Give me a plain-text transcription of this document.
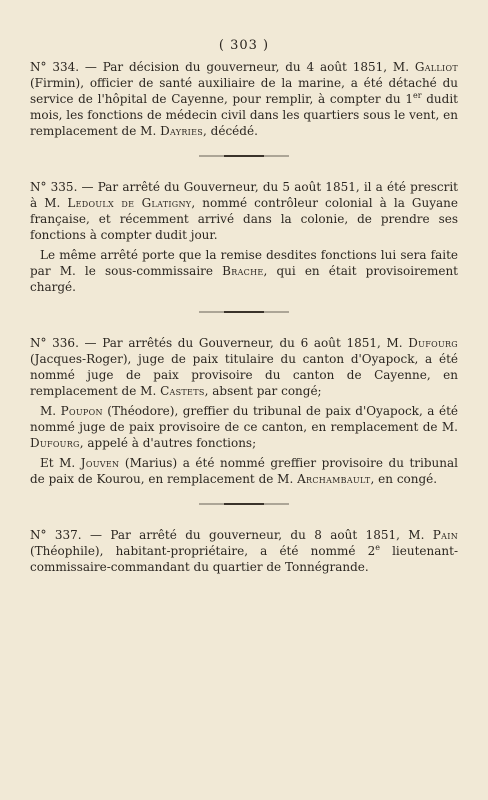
( 303 )

N° 334. — Par décision du gouverneur, du 4 août 1851, M. Galliot (Firmin), officier de santé auxiliaire de la marine, a été détaché du service de l'hôpital de Cayenne, pour remplir, à compter du 1er dudit mois, les fonctions de médecin civil dans les quartiers sous le vent, en remplacement de M. Dayries, décédé.

N° 335. — Par arrêté du Gouverneur, du 5 août 1851, il a été prescrit à M. Ledoulx de Glatigny, nommé contrôleur colonial à la Guyane française, et récemment arrivé dans la colonie, de prendre ses fonctions à compter dudit jour.

Le même arrêté porte que la remise desdites fonctions lui sera faite par M. le sous-commissaire Brache, qui en était provisoirement chargé.

N° 336. — Par arrêtés du Gouverneur, du 6 août 1851, M. Dufourg (Jacques-Roger), juge de paix titulaire du canton d'Oyapock, a été nommé juge de paix provisoire du canton de Cayenne, en remplacement de M. Castets, absent par congé;

M. Poupon (Théodore), greffier du tribunal de paix d'Oyapock, a été nommé juge de paix provisoire de ce canton, en remplacement de M. Dufourg, appelé à d'autres fonctions;

Et M. Jouven (Marius) a été nommé greffier provisoire du tribunal de paix de Kourou, en remplacement de M. Archambault, en congé.

N° 337. — Par arrêté du gouverneur, du 8 août 1851, M. Pain (Théophile), habitant-propriétaire, a été nommé 2e lieutenant-commissaire-commandant du quartier de Tonnégrande.
